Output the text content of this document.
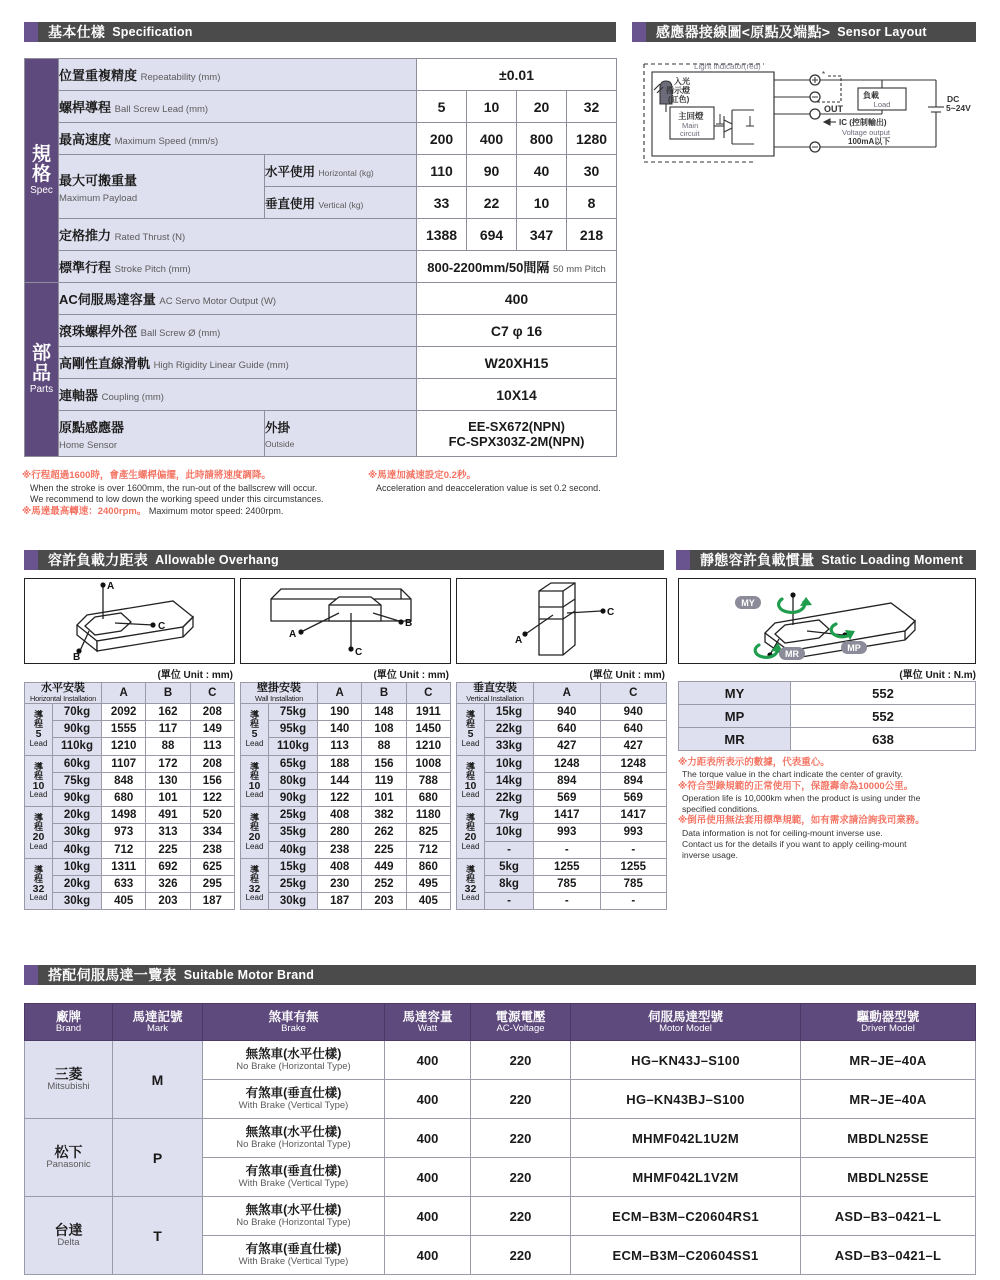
基本仕樣 Specification
規格
Spec	位置重複精度 Repeatability (mm)		±0.01			
	螺桿導程 Ball Screw Lead (mm)		5	10	20	32
	最高速度 Maximum Speed (mm/s)		200	400	800	1280
	最大可搬重量
Maximum Payload	水平使用 Horizontal (kg)	110	90	40	30
		垂直使用 Vertical (kg)	33	22	10	8
	定格推力 Rated Thrust (N)		1388	694	347	218
	標準行程 Stroke Pitch (mm)		800-2200mm/50間隔 50 mm Pitch			

部品
Parts	AC伺服馬達容量 AC Servo Motor Output (W)		400			
	滾珠螺桿外徑 Ball Screw Ø (mm)		C7 φ 16			
	高剛性直線滑軌 High Rigidity Linear Guide (mm)		W20XH15			
	連軸器 Coupling (mm)		10X14			
	原點感應器
Home Sensor	外掛
Outside	EE-SX672(NPN)
FC-SPX303Z-2M(NPN)			
※行程超過1600時，會產生螺桿偏擺，此時請將速度調降。
When the stroke is over 1600mm, the run-out of the ballscrew will occur.
We recommend to low down the working speed under this circumstances.
※馬達最高轉速：2400rpm。 Maximum motor speed: 2400rpm.
※馬達加減速設定0.2秒。
Acceleration and deacceleration value is set 0.2 second.
感應器接線圖<原點及端點> Sensor Layout
Light indicator(red)
入光
指示燈
(紅色)
主回燈
Main
circuit
負載
Load
OUT
IC (控制輸出)
Voltage output
100mA以下
DC
5~24V
*
容許負載力距表 Allowable Overhang
A
C
B
(單位 Unit : mm)
水平安裝
Horizontal Installation		A	B	C

導
程
5
Lead	70kg	2092	162	208
	90kg	1555	117	149
	110kg	1210	88	113

導
程
10
Lead	60kg	1107	172	208
	75kg	848	130	156
	90kg	680	101	122

導
程
20
Lead	20kg	1498	491	520
	30kg	973	313	334
	40kg	712	225	238

導
程
32
Lead	10kg	1311	692	625
	20kg	633	326	295
	30kg	405	203	187
A
B
C
(單位 Unit : mm)
壁掛安裝
Wall Installation		A	B	C

導
程
5
Lead	75kg	190	148	1911
	95kg	140	108	1450
	110kg	113	88	1210

導
程
10
Lead	65kg	188	156	1008
	80kg	144	119	788
	90kg	122	101	680

導
程
20
Lead	25kg	408	382	1180
	35kg	280	262	825
	40kg	238	225	712

導
程
32
Lead	15kg	408	449	860
	25kg	230	252	495
	30kg	187	203	405
A
C
(單位 Unit : mm)
垂直安裝
Vertical Installation		A	C

導
程
5
Lead	15kg	940	940
	22kg	640	640
	33kg	427	427

導
程
10
Lead	10kg	1248	1248
	14kg	894	894
	22kg	569	569

導
程
20
Lead	7kg	1417	1417
	10kg	993	993
	-	-	-

導
程
32
Lead	5kg	1255	1255
	8kg	785	785
	-	-	-
靜態容許負載慣量 Static Loading Moment
MY
MP
MR
(單位 Unit : N.m)
MY	552
MP	552
MR	638
※力距表所表示的數據，代表重心。
The torque value in the chart indicate the center of gravity.
※符合型錄規範的正常使用下，保證壽命為10000公里。
Operation life is 10,000km when the product is using under the
specified conditions.
※倒吊使用無法套用標準規範，如有需求請洽詢我司業務。
Data information is not for ceiling-mount inverse use.
Contact us for the details if you want to apply ceiling-mount
inverse usage.
搭配伺服馬達一覽表 Suitable Motor Brand
廠牌
Brand	馬達記號
Mark	煞車有無
Brake	馬達容量
Watt	電源電壓
AC-Voltage	伺服馬達型號
Motor Model	驅動器型號
Driver Model

三菱
Mitsubishi	M	無煞車(水平仕樣)
No Brake (Horizontal Type)	400	220	HG–KN43J–S100	MR–JE–40A
		有煞車(垂直仕樣)
With Brake (Vertical Type)	400	220	HG–KN43BJ–S100	MR–JE–40A
松下
Panasonic	P	無煞車(水平仕樣)
No Brake (Horizontal Type)	400	220	MHMF042L1U2M	MBDLN25SE
		有煞車(垂直仕樣)
With Brake (Vertical Type)	400	220	MHMF042L1V2M	MBDLN25SE
台達
Delta	T	無煞車(水平仕樣)
No Brake (Horizontal Type)	400	220	ECM–B3M–C20604RS1	ASD–B3–0421–L
		有煞車(垂直仕樣)
With Brake (Vertical Type)	400	220	ECM–B3M–C20604SS1	ASD–B3–0421–L
